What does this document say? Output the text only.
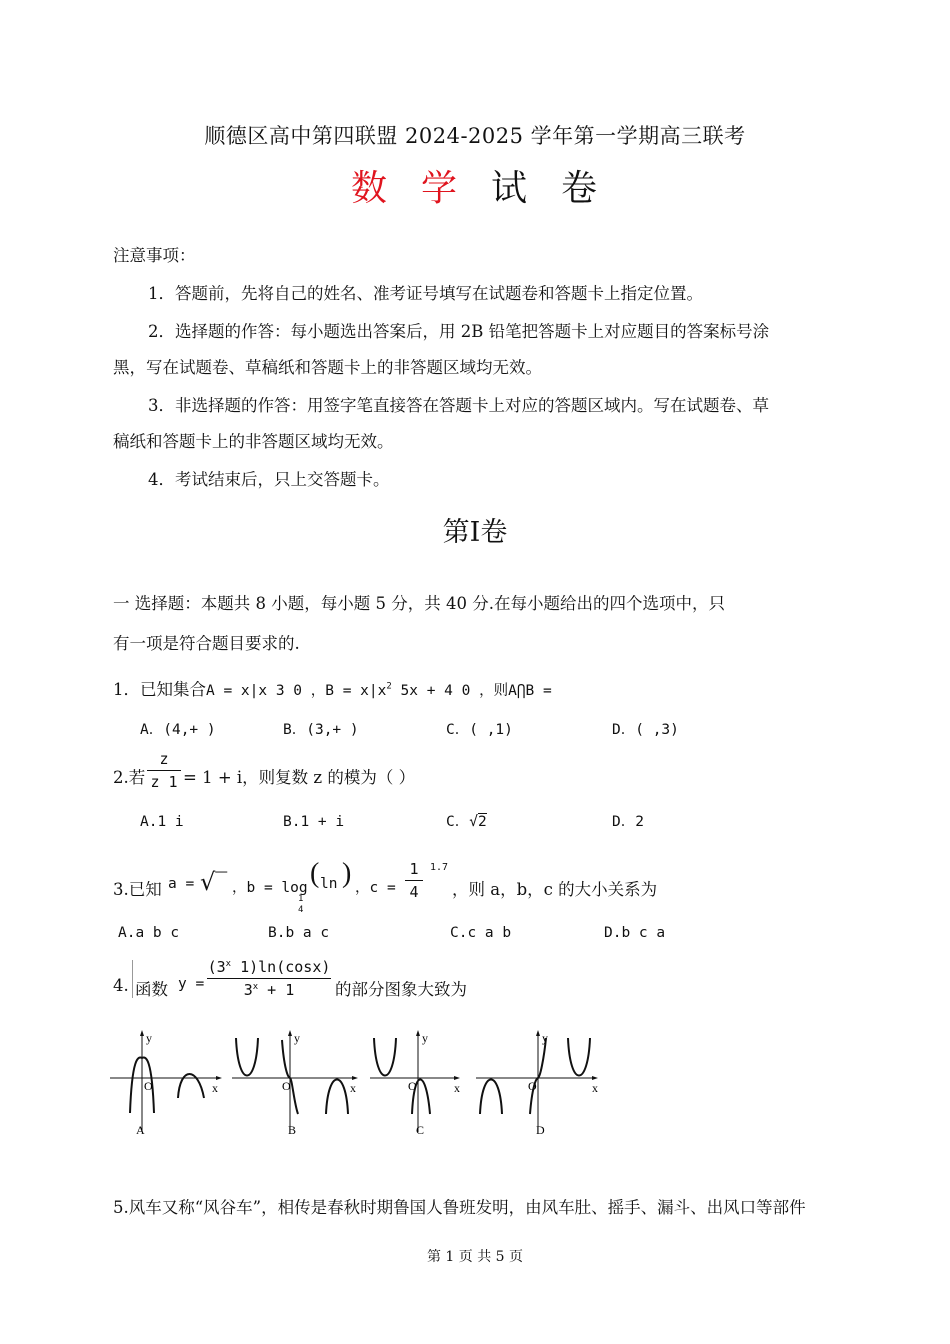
顺德区高中第四联盟 2024-2025 学年第一学期高三联考
数 学 试 卷
注意事项：
1．答题前，先将自己的姓名、准考证号填写在试题卷和答题卡上指定位置。
2．选择题的作答：每小题选出答案后，用 2B 铅笔把答题卡上对应题目的答案标号涂
黑，写在试题卷、草稿纸和答题卡上的非答题区域均无效。
3．非选择题的作答：用签字笔直接答在答题卡上对应的答题区域内。写在试题卷、草
稿纸和答题卡上的非答题区域均无效。
4．考试结束后，只上交答题卡。
第Ⅰ卷
一 选择题：本题共 8 小题，每小题 5 分，共 40 分.在每小题给出的四个选项中，只
有一项是符合题目要求的.
1．已知集合A = x|x 3 0 ，$B = x|x^2$ 5x + 4 0 ，则A⋂B =
A．(4,+ )	B．(3,+ )	C．( ,1)	D．( ,3)
2.若
z
z 1 = 1 + i，则复数 z 的模为（ ）
A.1 i	B.1 + i	C．√2	D．2
3.已知 a = √‾ ，b = log
1
4
( ln ) ，c =
1
4
1.7
，则 a，b，c 的大小关系为
A.a b c	B.b a c	C.c a b	D.b c a
4. 函数 y =
($3^x$ 1)ln(cosx)
$3^x + 1$	的部分图象大致为
y
x
O
A
y
x
O
B
y
x
O
C
y
x
O
D
5.风车又称“风谷车”，相传是春秋时期鲁国人鲁班发明，由风车肚、摇手、漏斗、出风口等部件
第 1 页 共 5 页
